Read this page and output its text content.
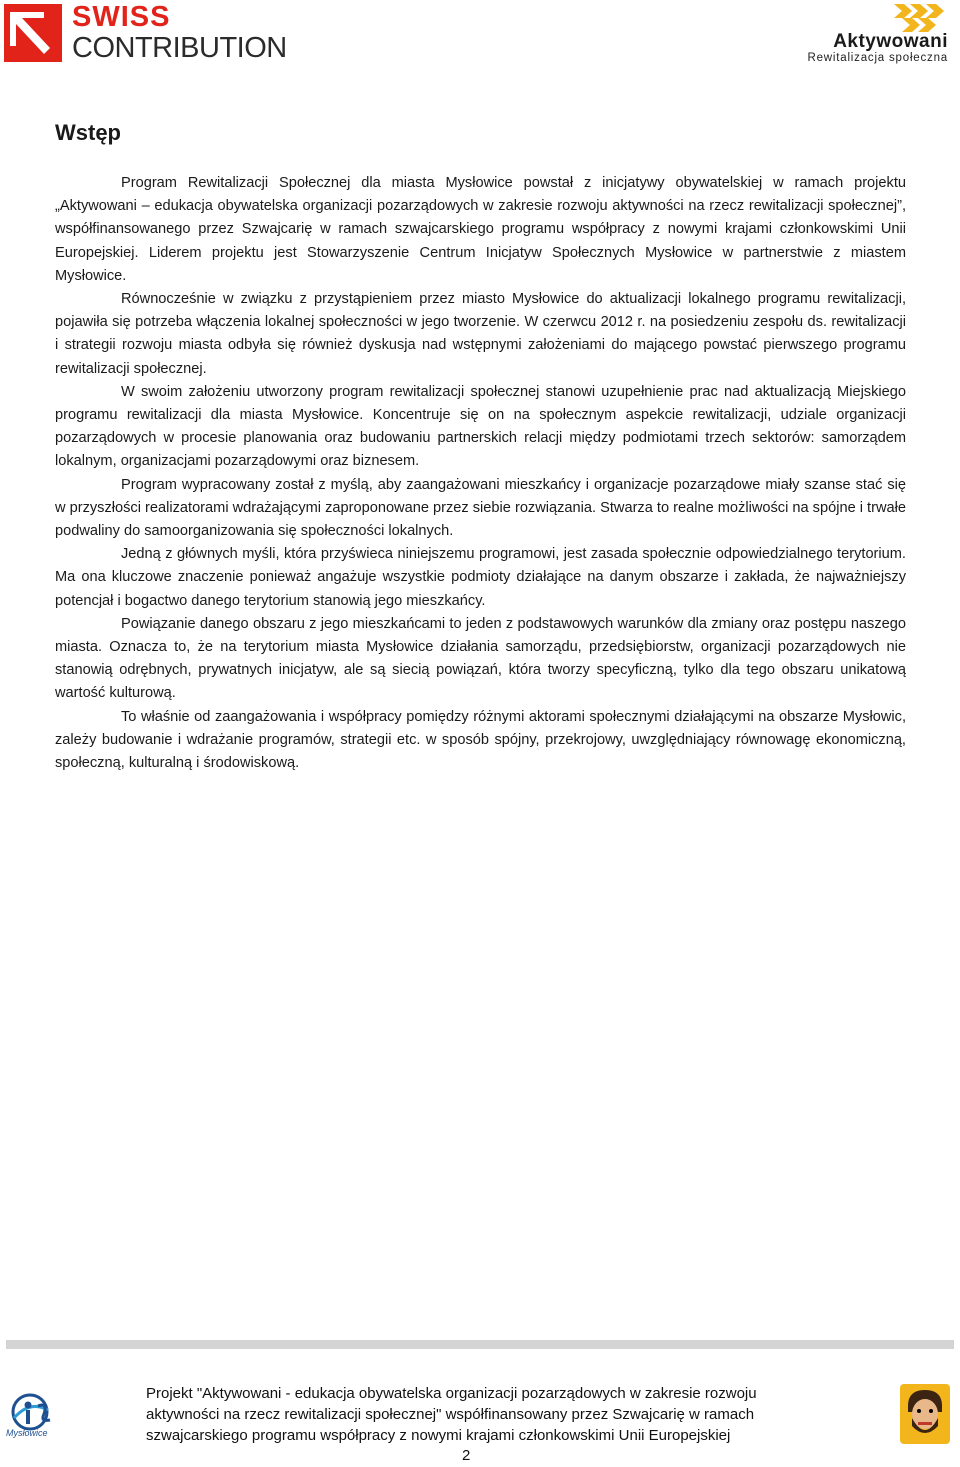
SWISS
CONTRIBUTION	Aktywowani
Rewitalizacja społeczna
Wstęp

Program Rewitalizacji Społecznej dla miasta Mysłowice powstał z inicjatywy obywatelskiej w ramach projektu „Aktywowani – edukacja obywatelska organizacji pozarządowych w zakresie rozwoju aktywności na rzecz rewitalizacji społecznej”, współfinansowanego przez Szwajcarię w ramach szwajcarskiego programu współpracy z nowymi krajami członkowskimi Unii Europejskiej. Liderem projektu jest Stowarzyszenie Centrum Inicjatyw Społecznych Mysłowice w partnerstwie z miastem Mysłowice.

Równocześnie w związku z przystąpieniem przez miasto Mysłowice do aktualizacji lokalnego programu rewitalizacji, pojawiła się potrzeba włączenia lokalnej społeczności w jego tworzenie. W czerwcu 2012 r. na posiedzeniu zespołu ds. rewitalizacji i strategii rozwoju miasta odbyła się również dyskusja nad wstępnymi założeniami do mającego powstać pierwszego programu rewitalizacji społecznej.

W swoim założeniu utworzony program rewitalizacji społecznej stanowi uzupełnienie prac nad aktualizacją Miejskiego programu rewitalizacji dla miasta Mysłowice. Koncentruje się on na społecznym aspekcie rewitalizacji, udziale organizacji pozarządowych w procesie planowania oraz budowaniu partnerskich relacji między podmiotami trzech sektorów: samorządem lokalnym, organizacjami pozarządowymi oraz biznesem.

Program wypracowany został z myślą, aby zaangażowani mieszkańcy i organizacje pozarządowe miały szanse stać się w przyszłości realizatorami wdrażającymi zaproponowane przez siebie rozwiązania. Stwarza to realne możliwości na spójne i trwałe podwaliny do samoorganizowania się społeczności lokalnych.

Jedną z głównych myśli, która przyświeca niniejszemu programowi, jest zasada społecznie odpowiedzialnego terytorium. Ma ona kluczowe znaczenie ponieważ angażuje wszystkie podmioty działające na danym obszarze i zakłada, że najważniejszy potencjał i bogactwo danego terytorium stanowią jego mieszkańcy.

Powiązanie danego obszaru z jego mieszkańcami to jeden z podstawowych warunków dla zmiany oraz postępu naszego miasta. Oznacza to, że na terytorium miasta Mysłowice działania samorządu, przedsiębiorstw, organizacji pozarządowych nie stanowią odrębnych, prywatnych inicjatyw, ale są siecią powiązań, która tworzy specyficzną, tylko dla tego obszaru unikatową wartość kulturową.

To właśnie od zaangażowania i współpracy pomiędzy różnymi aktorami społecznymi działającymi na obszarze Mysłowic, zależy budowanie i wdrażanie programów, strategii etc. w sposób spójny, przekrojowy, uwzględniający równowagę ekonomiczną, społeczną, kulturalną i środowiskową.

Mysłowice
Projekt "Aktywowani - edukacja obywatelska organizacji pozarządowych w zakresie rozwoju
aktywności na rzecz rewitalizacji społecznej" współfinansowany przez Szwajcarię w ramach
szwajcarskiego programu współpracy z nowymi krajami członkowskimi Unii Europejskiej
2
